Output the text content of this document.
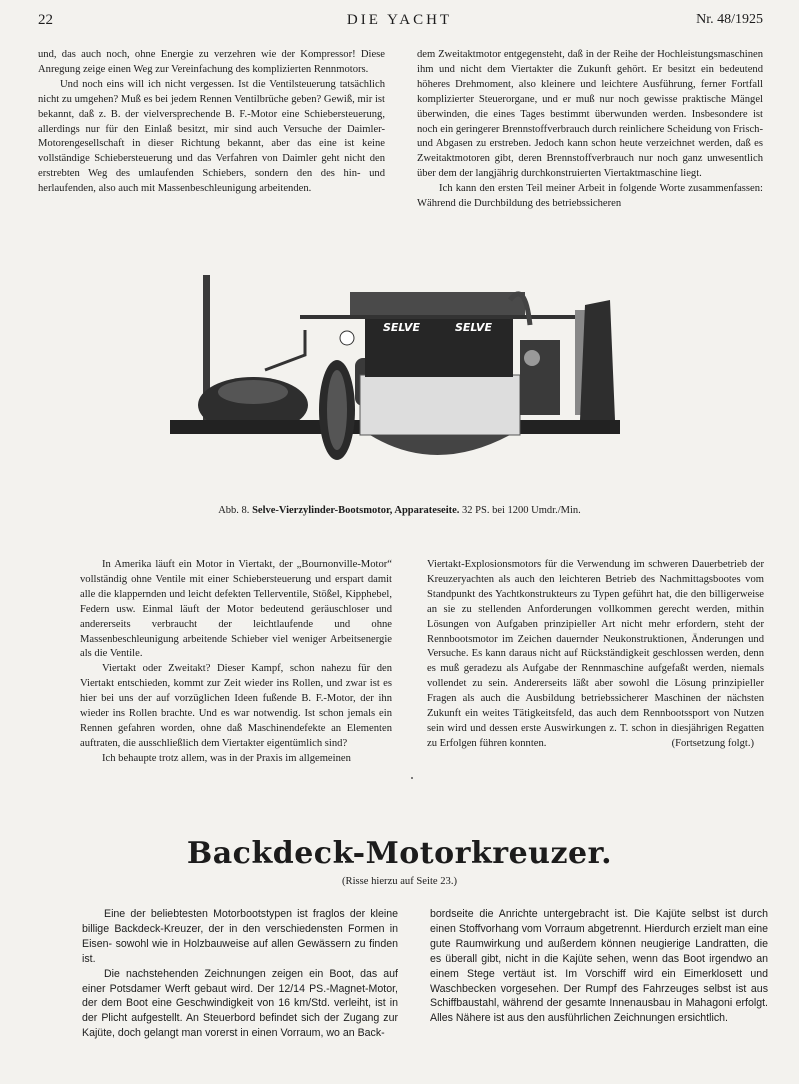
22	DIE YACHT	Nr. 48/1925

und, das auch noch, ohne Energie zu verzehren wie der Kompressor! Diese Anregung zeige einen Weg zur Vereinfachung des komplizierten Rennmotors.

Und noch eins will ich nicht vergessen. Ist die Ventilsteuerung tatsächlich nicht zu umgehen? Muß es bei jedem Rennen Ventilbrüche geben? Gewiß, mir ist bekannt, daß z. B. der vielversprechende B. F.-Motor eine Schiebersteuerung, allerdings nur für den Einlaß besitzt, mir sind auch Versuche der Daimler-Motorengesellschaft in dieser Richtung bekannt, aber das eine ist keine vollständige Schiebersteuerung und das Verfahren von Daimler geht nicht den erstrebten Weg des umlaufenden Schiebers, sondern den des hin- und herlaufenden, also auch mit Massenbeschleunigung arbeitenden.

dem Zweitaktmotor entgegensteht, daß in der Reihe der Hochleistungsmaschinen ihm und nicht dem Viertakter die Zukunft gehört. Er besitzt ein bedeutend höheres Drehmoment, also kleinere und leichtere Ausführung, ferner Fortfall komplizierter Steuerorgane, und er muß nur noch gewisse praktische Mängel überwinden, die eines Tages bestimmt überwunden werden. Insbesondere ist noch ein geringerer Brennstoffverbrauch durch reinlichere Scheidung von Frisch- und Abgasen zu erstreben. Jedoch kann schon heute verzeichnet werden, daß es Zweitaktmotoren gibt, deren Brennstoffverbrauch nur noch ganz unwesentlich über dem der langjährig durchkonstruierten Viertaktmaschine liegt.

Ich kann den ersten Teil meiner Arbeit in folgende Worte zusammenfassen: Während die Durchbildung des betriebssicheren

SELVE	SELVE
Abb. 8. Selve-Vierzylinder-Bootsmotor, Apparateseite. 32 PS. bei 1200 Umdr./Min.

In Amerika läuft ein Motor in Viertakt, der „Bournonville-Motor“ vollständig ohne Ventile mit einer Schiebersteuerung und erspart damit alle die klappernden und leicht defekten Tellerventile, Stößel, Kipphebel, Federn usw. Einmal läuft der Motor bedeutend geräuschloser und andererseits verbraucht der leichtlaufende und ohne Massenbeschleunigung arbeitende Schieber viel weniger Arbeitsenergie als die Ventile.

Viertakt oder Zweitakt? Dieser Kampf, schon nahezu für den Viertakt entschieden, kommt zur Zeit wieder ins Rollen, und zwar ist es hier bei uns der auf vorzüglichen Ideen fußende B. F.-Motor, der ihn wieder ins Rollen brachte. Und es war notwendig. Ist schon jemals ein Rennen gefahren worden, ohne daß Maschinendefekte an Elementen auftraten, die ausschließlich dem Viertakter eigentümlich sind?

Ich behaupte trotz allem, was in der Praxis im allgemeinen

Viertakt-Explosionsmotors für die Verwendung im schweren Dauerbetrieb der Kreuzeryachten als auch den leichteren Betrieb des Nachmittagsbootes vom Standpunkt des Yachtkonstrukteurs zu Typen geführt hat, die den billigerweise an sie zu stellenden Anforderungen vollkommen gerecht werden, mithin Lösungen von Aufgaben prinzipieller Art nicht mehr erfordern, steht der Rennbootsmotor im Zeichen dauernder Neukonstruktionen, Änderungen und Versuche. Es kann daraus nicht auf Rückständigkeit geschlossen werden, denn es muß geradezu als Aufgabe der Rennmaschine aufgefaßt werden, niemals vollendet zu sein. Andererseits läßt aber sowohl die Lösung prinzipieller Fragen als auch die Ausbildung betriebssicherer Maschinen der nächsten Zukunft ein weites Tätigkeitsfeld, das auch dem Rennbootssport von Nutzen sein wird und dessen erste Auswirkungen z. T. schon in diesjährigen Regatten zu Erfolgen führen konnten.	(Fortsetzung folgt.)

Backdeck-Motorkreuzer.
(Risse hierzu auf Seite 23.)

Eine der beliebtesten Motorbootstypen ist fraglos der kleine billige Backdeck-Kreuzer, der in den verschiedensten Formen in Eisen- sowohl wie in Holzbauweise auf allen Gewässern zu finden ist.

Die nachstehenden Zeichnungen zeigen ein Boot, das auf einer Potsdamer Werft gebaut wird. Der 12/14 PS.-Magnet-Motor, der dem Boot eine Geschwindigkeit von 16 km/Std. verleiht, ist in der Plicht aufgestellt. An Steuerbord befindet sich der Zugang zur Kajüte, doch gelangt man vorerst in einen Vorraum, wo an Back-

bordseite die Anrichte untergebracht ist. Die Kajüte selbst ist durch einen Stoffvorhang vom Vorraum abgetrennt. Hierdurch erzielt man eine gute Raumwirkung und außerdem können neugierige Landratten, die es überall gibt, nicht in die Kajüte sehen, wenn das Boot irgendwo an einem Stege vertäut ist. Im Vorschiff wird ein Eimerklosett und Waschbecken vorgesehen. Der Rumpf des Fahrzeuges selbst ist aus Schiffbaustahl, während der gesamte Innenausbau in Mahagoni erfolgt. Alles Nähere ist aus den ausführlichen Zeichnungen ersichtlich.
